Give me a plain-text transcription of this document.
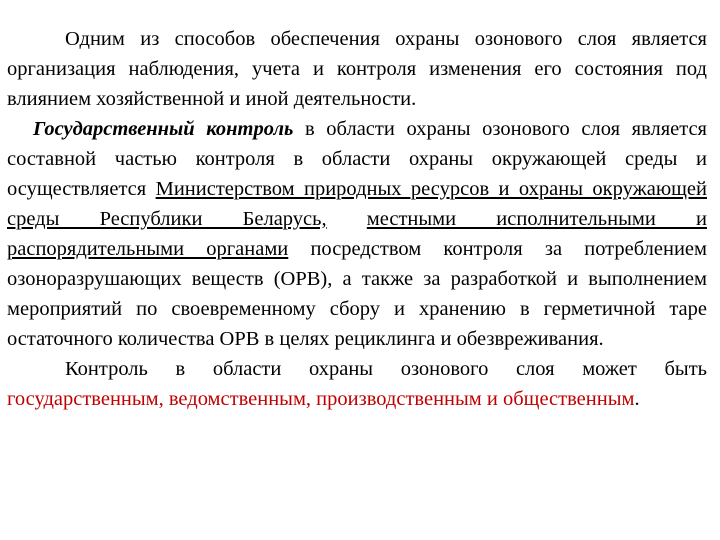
Одним из способов обеспечения охраны озонового слоя является организация наблюдения, учета и контроля изменения его состояния под влиянием хозяйственной и иной деятельности.

Государственный контроль в области охраны озонового слоя является составной частью контроля в области охраны окружающей среды и осуществляется Министерством природных ресурсов и охраны окружающей среды Республики Беларусь, местными исполнительными и распорядительными органами посредством контроля за потреблением озоноразрушающих веществ (ОРВ), а также за разработкой и выполнением мероприятий по своевременному сбору и хранению в герметичной таре остаточного количества ОРВ в целях рециклинга и обезвреживания.

Контроль в области охраны озонового слоя может быть государственным, ведомственным, производственным и общественным.
